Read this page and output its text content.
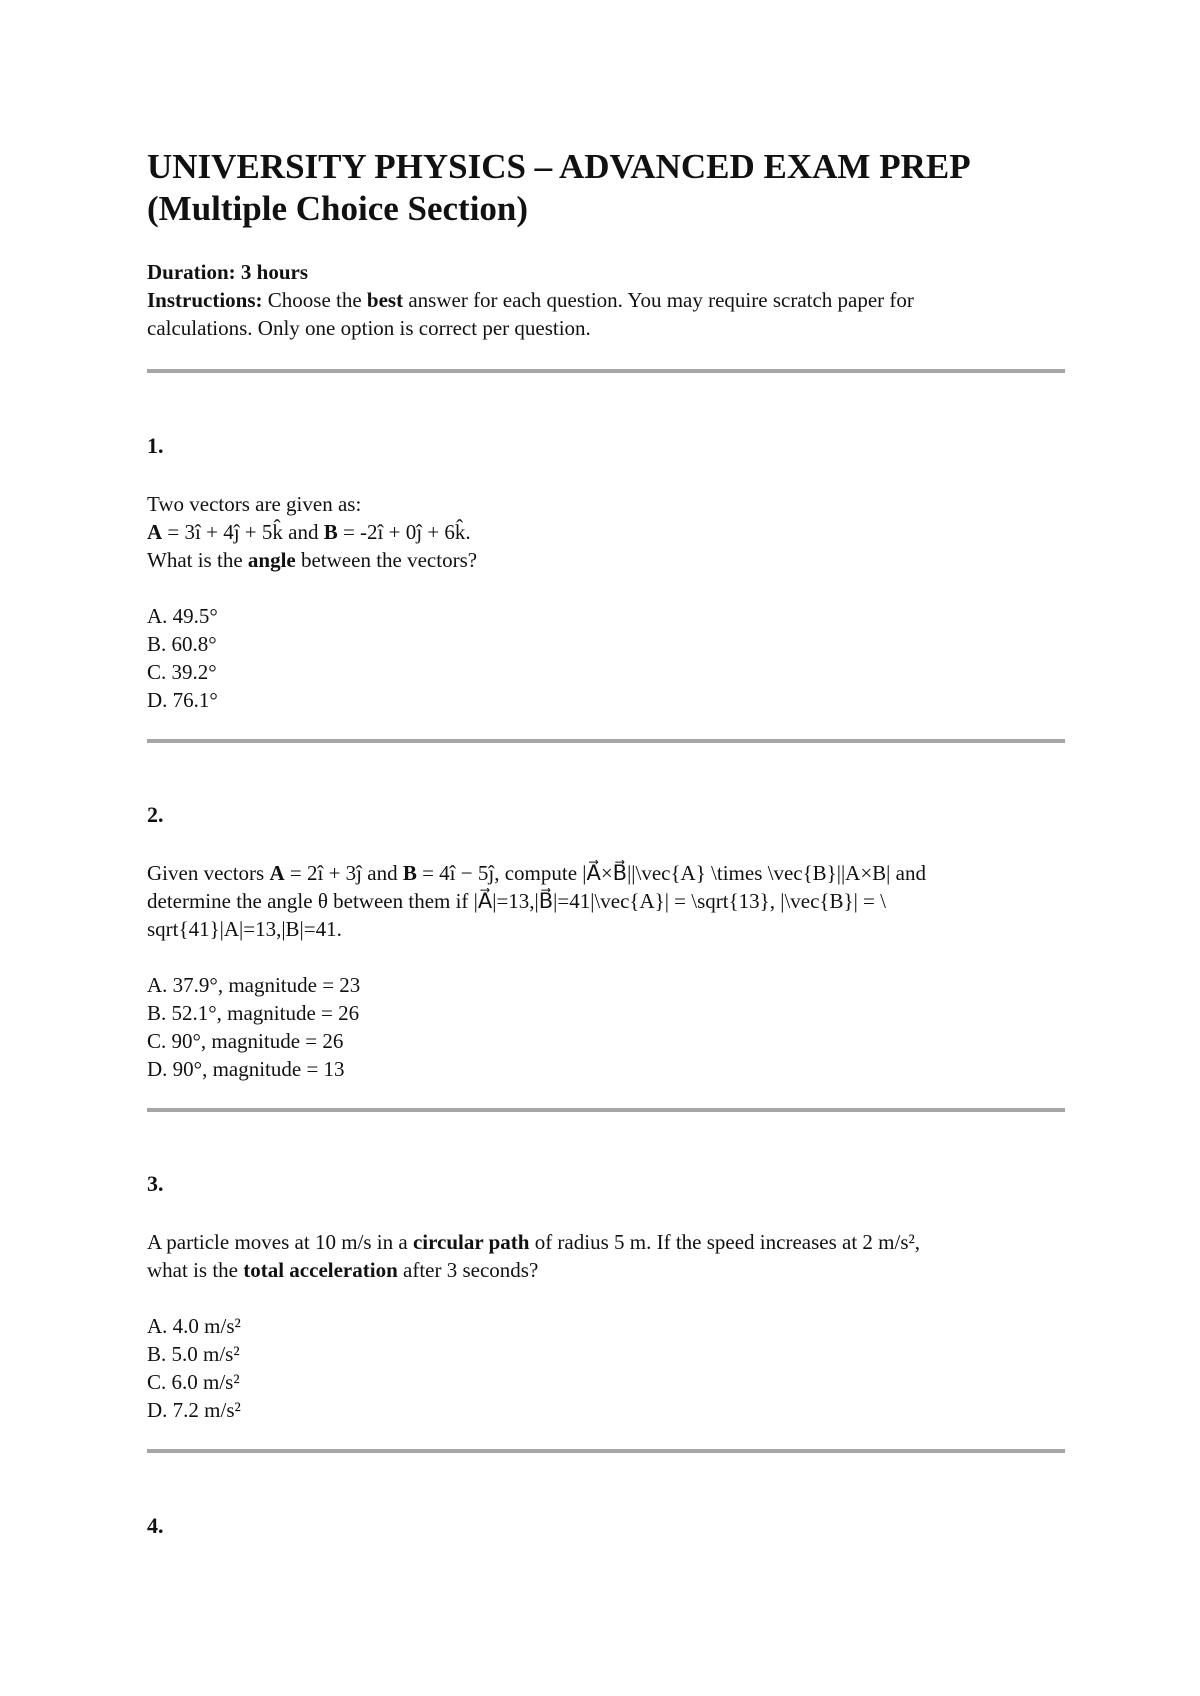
UNIVERSITY PHYSICS – ADVANCED EXAM PREP
(Multiple Choice Section)
Duration: 3 hours
Instructions: Choose the best answer for each question. You may require scratch paper for
calculations. Only one option is correct per question.
1.
Two vectors are given as:
A = 3î + 4ĵ + 5k̂ and B = -2î + 0ĵ + 6k̂.
What is the angle between the vectors?
A. 49.5°
B. 60.8°
C. 39.2°
D. 76.1°
2.
Given vectors A = 2î + 3ĵ and B = 4î − 5ĵ, compute |A⃗×B⃗||\vec{A} \times \vec{B}||A×B| and
determine the angle θ between them if |A⃗|=13,|B⃗|=41|\vec{A}| = \sqrt{13}, |\vec{B}| = \
sqrt{41}|A|=13,|B|=41.
A. 37.9°, magnitude = 23
B. 52.1°, magnitude = 26
C. 90°, magnitude = 26
D. 90°, magnitude = 13
3.
A particle moves at 10 m/s in a circular path of radius 5 m. If the speed increases at 2 m/s²,
what is the total acceleration after 3 seconds?
A. 4.0 m/s²
B. 5.0 m/s²
C. 6.0 m/s²
D. 7.2 m/s²
4.
